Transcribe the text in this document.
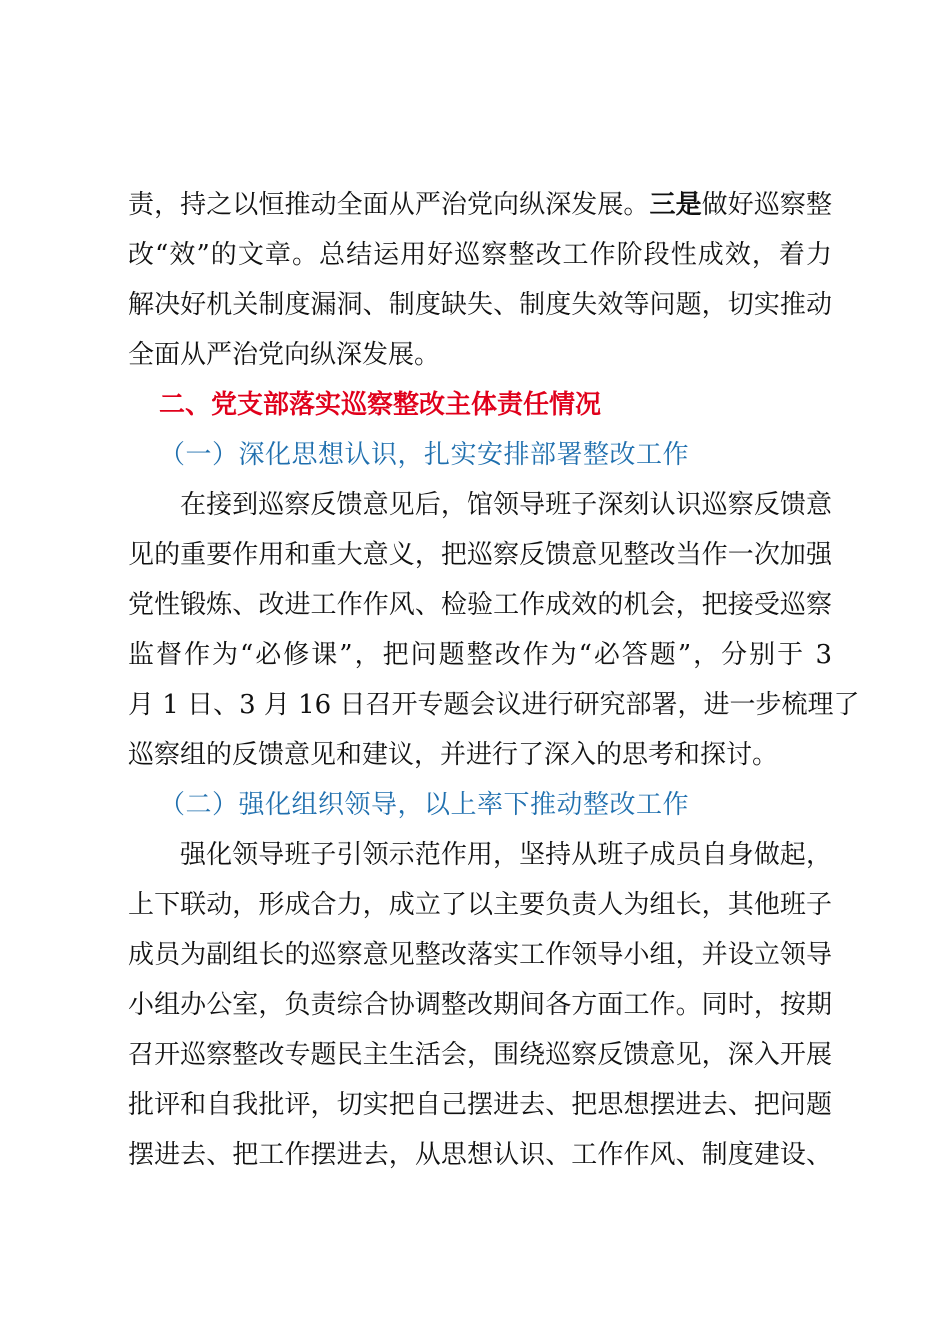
责，持之以恒推动全面从严治党向纵深发展。三是做好巡察整
改“效”的文章。总结运用好巡察整改工作阶段性成效，着力
解决好机关制度漏洞、制度缺失、制度失效等问题，切实推动
全面从严治党向纵深发展。
二、党支部落实巡察整改主体责任情况
（一）深化思想认识，扎实安排部署整改工作
在接到巡察反馈意见后，馆领导班子深刻认识巡察反馈意
见的重要作用和重大意义，把巡察反馈意见整改当作一次加强
党性锻炼、改进工作作风、检验工作成效的机会，把接受巡察
监督作为“必修课”，把问题整改作为“必答题”，分别于 3
月 1 日、3 月 16 日召开专题会议进行研究部署，进一步梳理了
巡察组的反馈意见和建议，并进行了深入的思考和探讨。
（二）强化组织领导，以上率下推动整改工作
强化领导班子引领示范作用，坚持从班子成员自身做起，
上下联动，形成合力，成立了以主要负责人为组长，其他班子
成员为副组长的巡察意见整改落实工作领导小组，并设立领导
小组办公室，负责综合协调整改期间各方面工作。同时，按期
召开巡察整改专题民主生活会，围绕巡察反馈意见，深入开展
批评和自我批评，切实把自己摆进去、把思想摆进去、把问题
摆进去、把工作摆进去，从思想认识、工作作风、制度建设、
